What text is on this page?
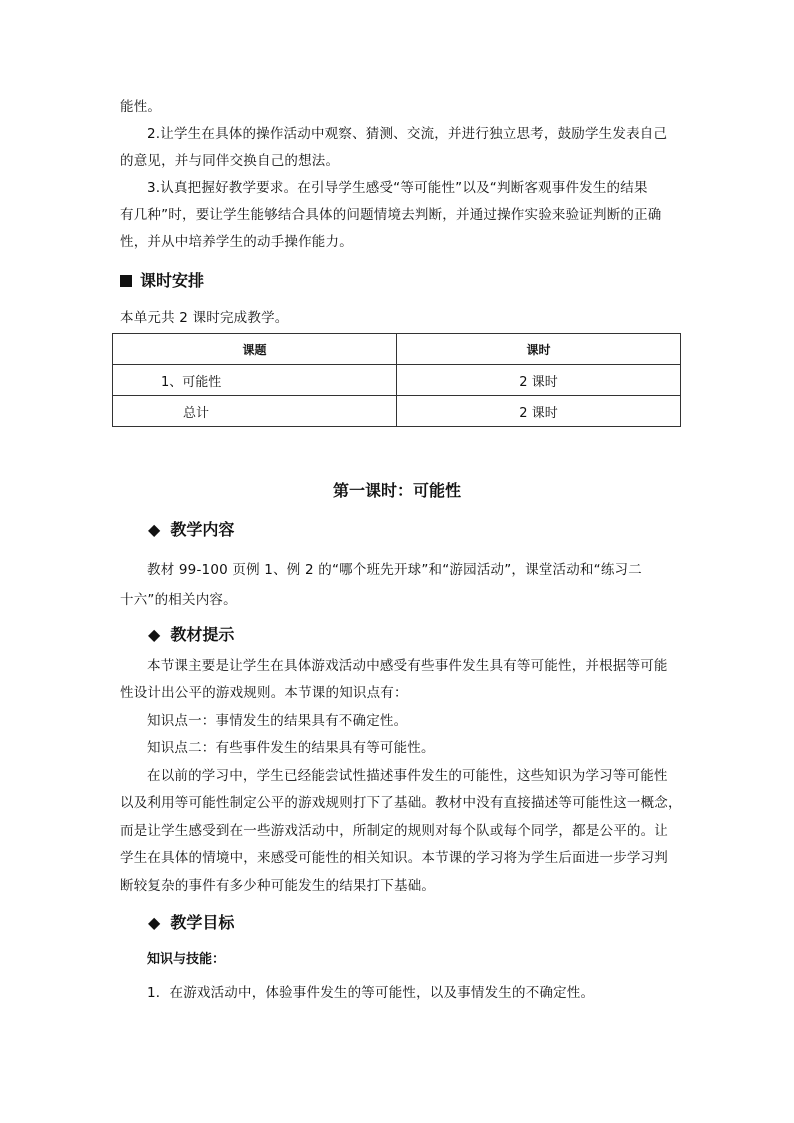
能性。
2.让学生在具体的操作活动中观察、猜测、交流，并进行独立思考，鼓励学生发表自己
的意见，并与同伴交换自己的想法。
3.认真把握好教学要求。在引导学生感受“等可能性”以及“判断客观事件发生的结果
有几种”时，要让学生能够结合具体的问题情境去判断，并通过操作实验来验证判断的正确
性，并从中培养学生的动手操作能力。
课时安排
本单元共 2 课时完成教学。
课题	课时
1、可能性	2 课时
总计	2 课时
第一课时：可能性
◆ 教学内容
教材 99-100 页例 1、例 2 的“哪个班先开球”和“游园活动”，课堂活动和“练习二
十六”的相关内容。
◆ 教材提示
本节课主要是让学生在具体游戏活动中感受有些事件发生具有等可能性，并根据等可能
性设计出公平的游戏规则。本节课的知识点有：
知识点一：事情发生的结果具有不确定性。
知识点二：有些事件发生的结果具有等可能性。
在以前的学习中，学生已经能尝试性描述事件发生的可能性，这些知识为学习等可能性
以及利用等可能性制定公平的游戏规则打下了基础。教材中没有直接描述等可能性这一概念，
而是让学生感受到在一些游戏活动中，所制定的规则对每个队或每个同学，都是公平的。让
学生在具体的情境中，来感受可能性的相关知识。本节课的学习将为学生后面进一步学习判
断较复杂的事件有多少种可能发生的结果打下基础。
◆ 教学目标
知识与技能：
1．在游戏活动中，体验事件发生的等可能性，以及事情发生的不确定性。
